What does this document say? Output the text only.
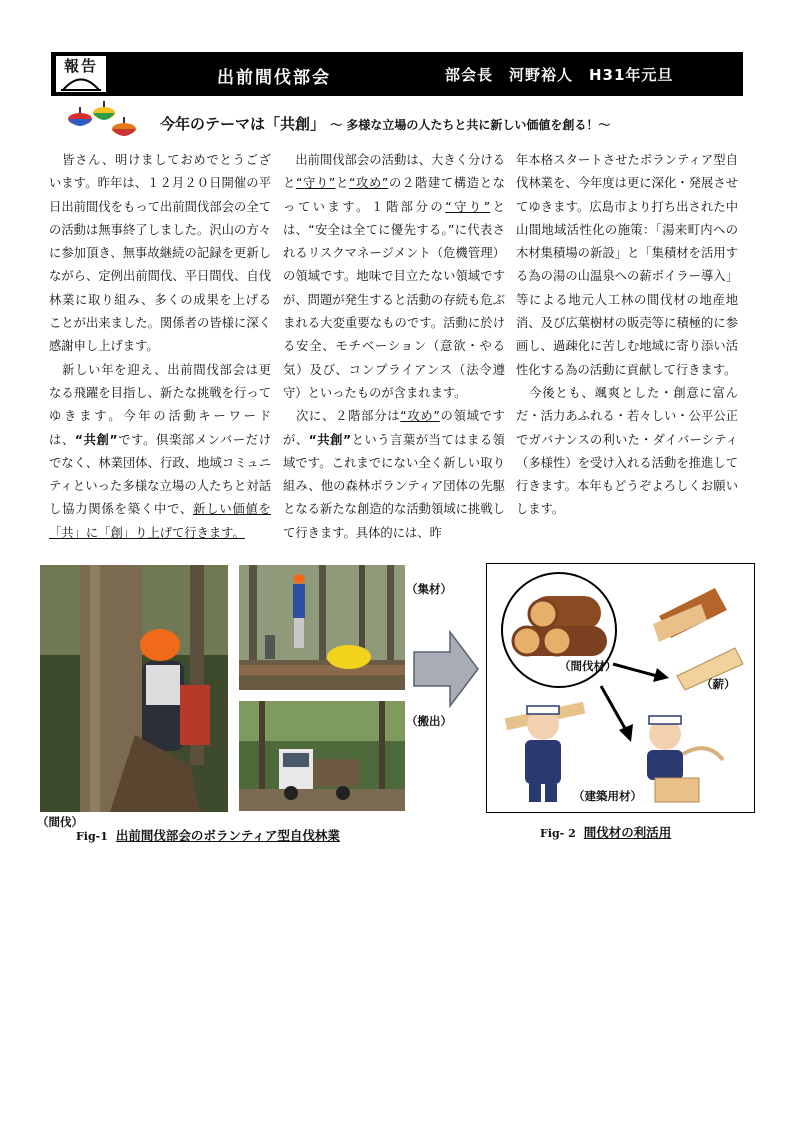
出前間伐部会	部会長　河野裕人　H31年元旦
報告
今年のテーマは「共創」 ～ 多様な立場の人たちと共に新しい価値を創る！～

　皆さん、明けましておめでとうございます。昨年は、１２月２０日開催の平日出前間伐をもって出前間伐部会の全ての活動は無事終了しました。沢山の方々に参加頂き、無事故継続の記録を更新しながら、定例出前間伐、平日間伐、自伐林業に取り組み、多くの成果を上げることが出来ました。関係者の皆様に深く感謝申し上げます。

　新しい年を迎え、出前間伐部会は更なる飛躍を目指し、新たな挑戦を行ってゆきます。今年の活動キーワードは、“共創”です。倶楽部メンバーだけでなく、林業団体、行政、地域コミュニティといった多様な立場の人たちと対話し協力関係を築く中で、新しい価値を「共」に「創」り上げて行きます。

　出前間伐部会の活動は、大きく分けると“守り”と“攻め”の２階建て構造となっています。１階部分の“守り”とは、“安全は全てに優先する。”に代表されるリスクマネージメント（危機管理）の領域です。地味で目立たない領域ですが、問題が発生すると活動の存続も危ぶまれる大変重要なものです。活動に於ける安全、モチベーション（意欲・やる気）及び、コンプライアンス（法令遵守）といったものが含まれます。

　次に、２階部分は“攻め”の領域ですが、“共創”という言葉が当てはまる領域です。これまでにない全く新しい取り組み、他の森林ボランティア団体の先駆となる新たな創造的な活動領域に挑戦して行きます。具体的には、昨

年本格スタートさせたボランティア型自伐林業を、今年度は更に深化・発展させてゆきます。広島市より打ち出された中山間地域活性化の施策：「湯来町内への木材集積場の新設」と「集積材を活用する為の湯の山温泉への薪ボイラー導入」等による地元人工林の間伐材の地産地消、及び広葉樹材の販売等に積極的に参画し、過疎化に苦しむ地域に寄り添い活性化する為の活動に貢献して行きます。

　今後とも、颯爽とした・創意に富んだ・活力あふれる・若々しい・公平公正でガバナンスの利いた・ダイバーシティ（多様性）を受け入れる活動を推進して行きます。本年もどうぞよろしくお願いします。

（集材）
（搬出）
（間伐）
Fig-1 出前間伐部会のボランティア型自伐林業
（間伐材）
（薪）
（建築用材）
Fig- 2 間伐材の利活用
